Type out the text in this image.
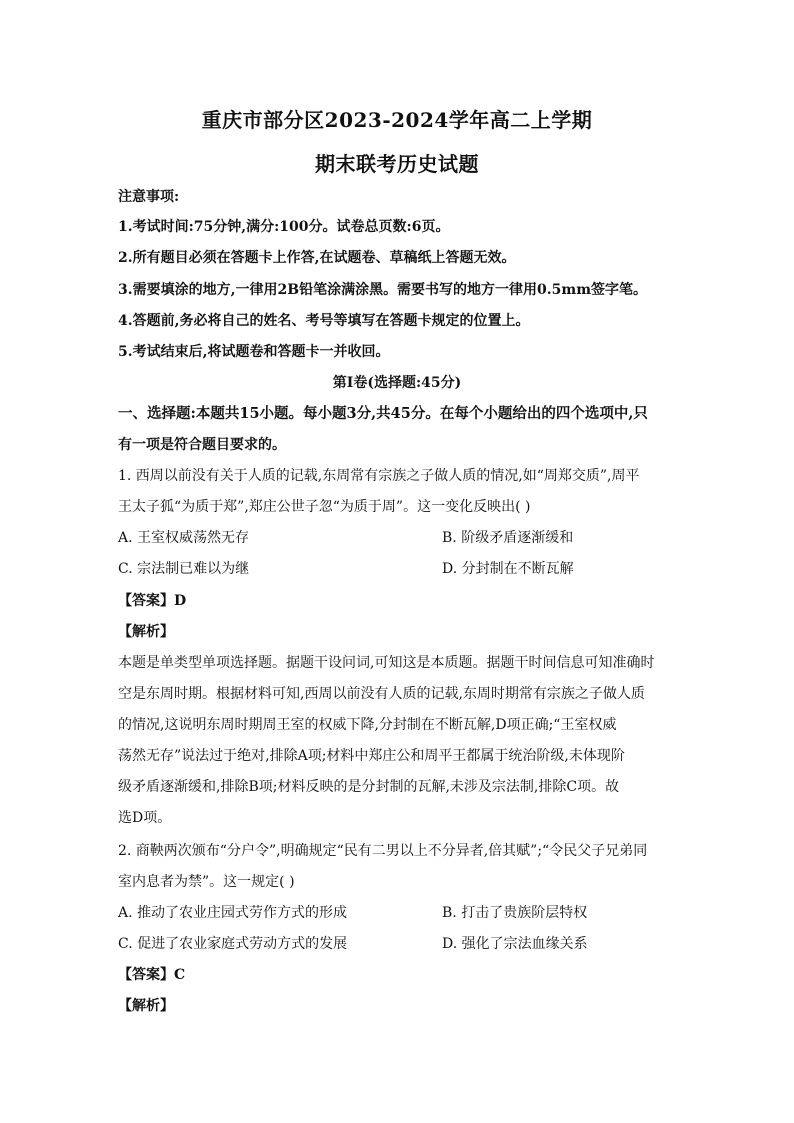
重庆市部分区2023-2024学年高二上学期
期末联考历史试题
注意事项:
1.考试时间:75分钟,满分:100分。试卷总页数:6页。
2.所有题目必须在答题卡上作答,在试题卷、草稿纸上答题无效。
3.需要填涂的地方,一律用2B铅笔涂满涂黑。需要书写的地方一律用0.5mm签字笔。
4.答题前,务必将自己的姓名、考号等填写在答题卡规定的位置上。
5.考试结束后,将试题卷和答题卡一并收回。
第Ⅰ卷(选择题:45分)
一、选择题:本题共15小题。每小题3分,共45分。在每个小题给出的四个选项中,只
有一项是符合题目要求的。
1. 西周以前没有关于人质的记载,东周常有宗族之子做人质的情况,如“周郑交质”,周平
王太子狐“为质于郑”,郑庄公世子忽“为质于周”。这一变化反映出( )
A. 王室权威荡然无存	B. 阶级矛盾逐渐缓和
C. 宗法制已难以为继	D. 分封制在不断瓦解
【答案】D
【解析】
本题是单类型单项选择题。据题干设问词,可知这是本质题。据题干时间信息可知准确时
空是东周时期。根据材料可知,西周以前没有人质的记载,东周时期常有宗族之子做人质
的情况,这说明东周时期周王室的权威下降,分封制在不断瓦解,D项正确;“王室权威
荡然无存”说法过于绝对,排除A项;材料中郑庄公和周平王都属于统治阶级,未体现阶
级矛盾逐渐缓和,排除B项;材料反映的是分封制的瓦解,未涉及宗法制,排除C项。故
选D项。
2. 商鞅两次颁布“分户令”,明确规定“民有二男以上不分异者,倍其赋”;“令民父子兄弟同
室内息者为禁”。这一规定( )
A. 推动了农业庄园式劳作方式的形成	B. 打击了贵族阶层特权
C. 促进了农业家庭式劳动方式的发展	D. 强化了宗法血缘关系
【答案】C
【解析】
